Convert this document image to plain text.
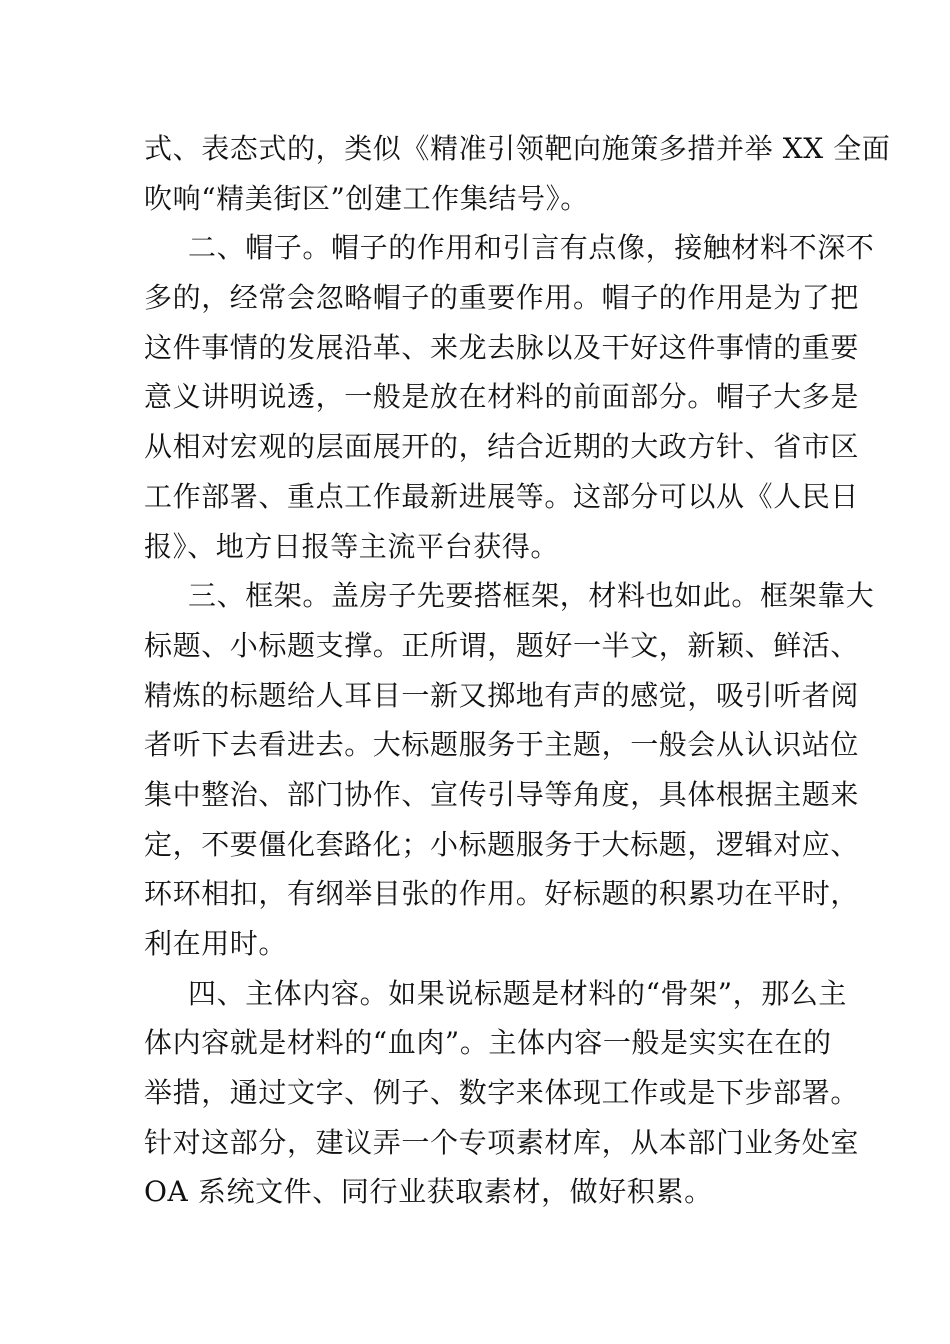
式、表态式的，类似《精准引领靶向施策多措并举 XX 全面
吹响“精美街区”创建工作集结号》。
二、帽子。帽子的作用和引言有点像，接触材料不深不
多的，经常会忽略帽子的重要作用。帽子的作用是为了把
这件事情的发展沿革、来龙去脉以及干好这件事情的重要
意义讲明说透，一般是放在材料的前面部分。帽子大多是
从相对宏观的层面展开的，结合近期的大政方针、省市区
工作部署、重点工作最新进展等。这部分可以从《人民日
报》、地方日报等主流平台获得。
三、框架。盖房子先要搭框架，材料也如此。框架靠大
标题、小标题支撑。正所谓，题好一半文，新颖、鲜活、
精炼的标题给人耳目一新又掷地有声的感觉，吸引听者阅
者听下去看进去。大标题服务于主题，一般会从认识站位
集中整治、部门协作、宣传引导等角度，具体根据主题来
定，不要僵化套路化；小标题服务于大标题，逻辑对应、
环环相扣，有纲举目张的作用。好标题的积累功在平时，
利在用时。
四、主体内容。如果说标题是材料的“骨架”，那么主
体内容就是材料的“血肉”。主体内容一般是实实在在的
举措，通过文字、例子、数字来体现工作或是下步部署。
针对这部分，建议弄一个专项素材库，从本部门业务处室
OA 系统文件、同行业获取素材，做好积累。
